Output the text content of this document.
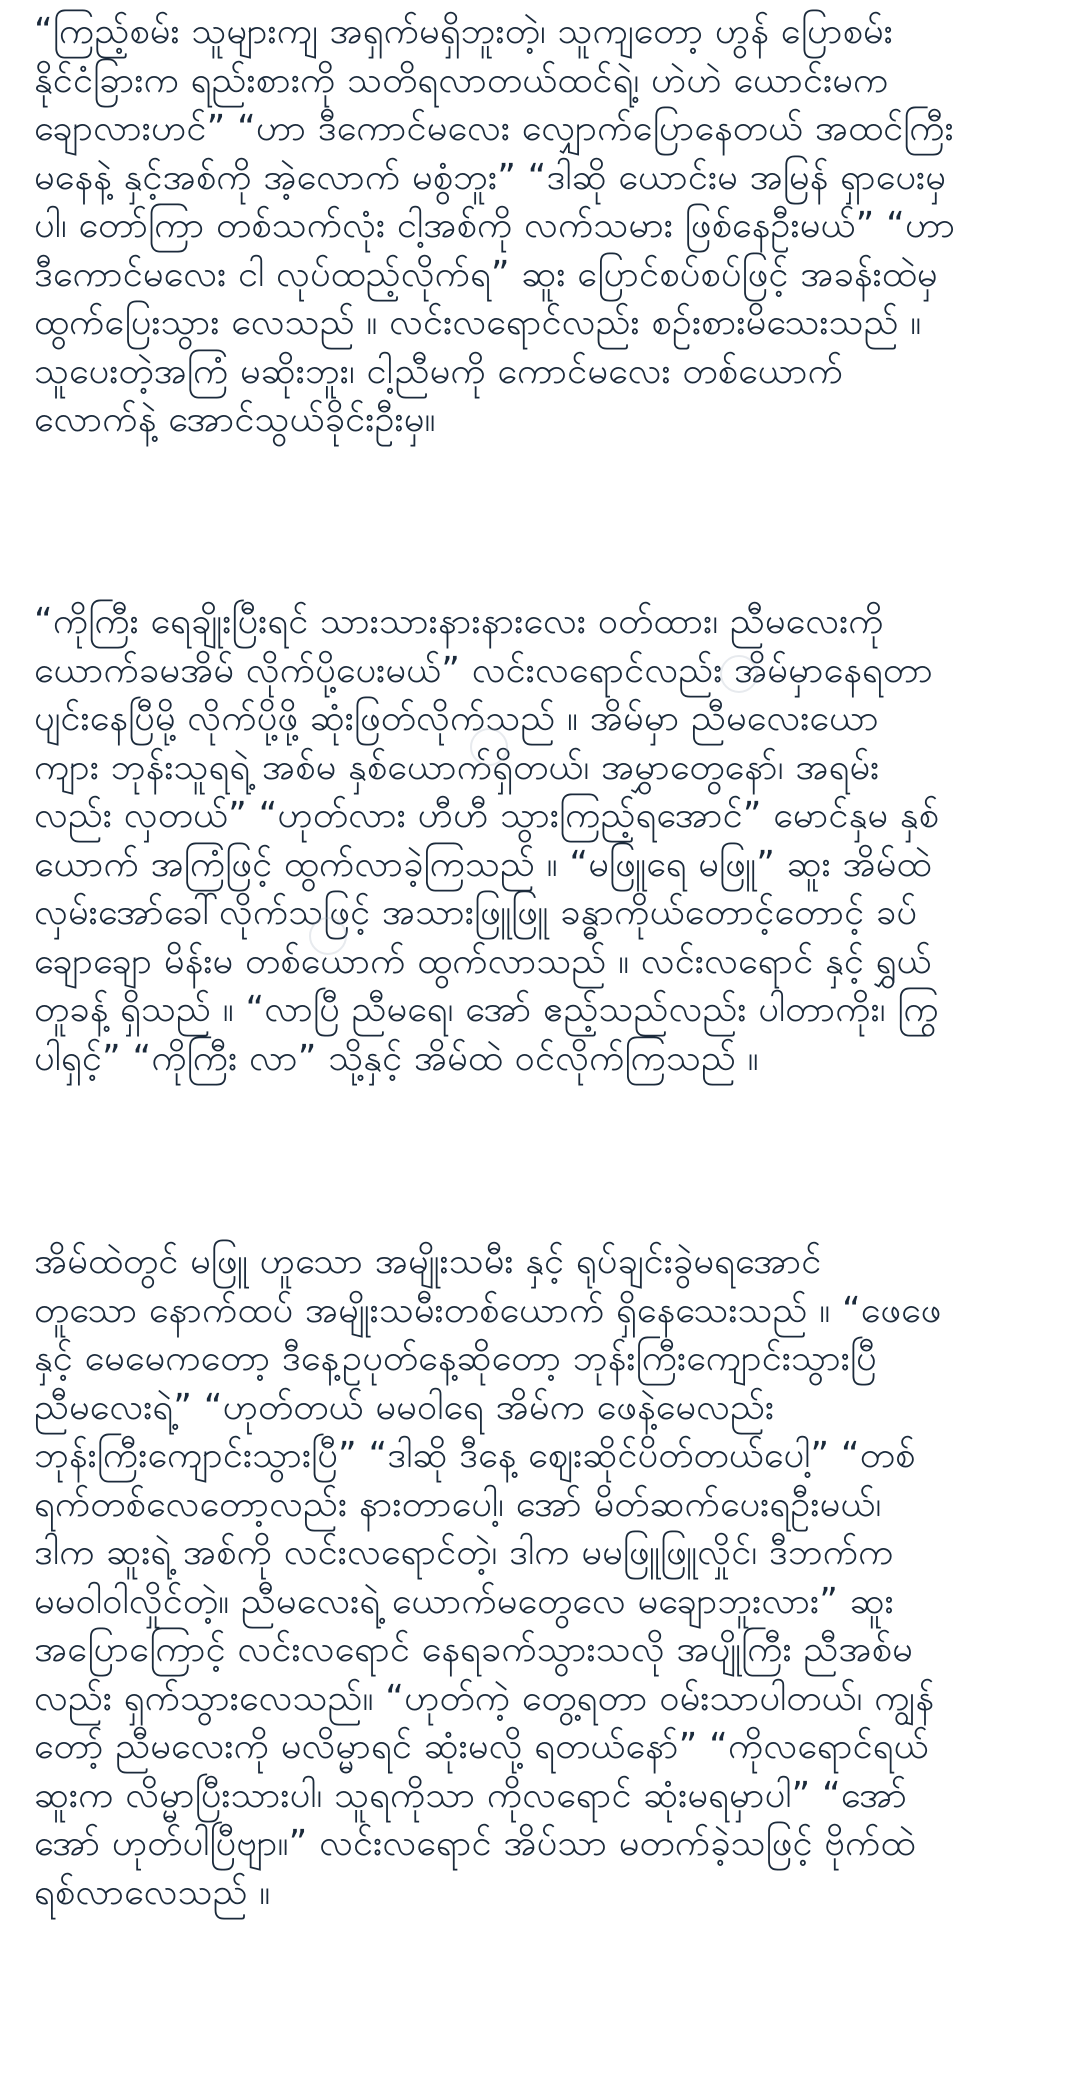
“ကြည့်စမ်း သူများကျ အရှက်မရှိဘူးတဲ့၊ သူကျတော့ ဟွန် ပြောစမ်း
နိုင်ငံခြားက ရည်းစားကို သတိရလာတယ်ထင်ရဲ့၊ ဟဲဟဲ ယောင်းမက
ချောလားဟင်” “ဟာ ဒီကောင်မလေး လျှောက်ပြောနေတယ် အထင်ကြီး
မနေနဲ့ နှင့်အစ်ကို အဲ့လောက် မစွံဘူး” “ဒါဆို ယောင်းမ အမြန် ရှာပေးမှ
ပါ၊ တော်ကြာ တစ်သက်လုံး ငါ့အစ်ကို လက်သမား ဖြစ်နေဦးမယ်” “ဟာ
ဒီကောင်မလေး ငါ လုပ်ထည့်လိုက်ရ” ဆူး ပြောင်စပ်စပ်ဖြင့် အခန်းထဲမှ
ထွက်ပြေးသွား လေသည် ။ လင်းလရောင်လည်း စဉ်းစားမိသေးသည် ။
သူပေးတဲ့အကြံ မဆိုးဘူး၊ ငါ့ညီမကို ကောင်မလေး တစ်ယောက်
လောက်နဲ့ အောင်သွယ်ခိုင်းဦးမှ။
“ကိုကြီး ရေချိုးပြီးရင် သားသားနားနားလေး ဝတ်ထား၊ ညီမလေးကို
ယောက်ခမအိမ် လိုက်ပို့ပေးမယ်” လင်းလရောင်လည်း အိမ်မှာနေရတာ
ပျင်းနေပြီမို့ လိုက်ပို့ဖို့ ဆုံးဖြတ်လိုက်သည် ။ အိမ်မှာ ညီမလေးယော
ကျား ဘုန်းသူရရဲ့ အစ်မ နှစ်ယောက်ရှိတယ်၊ အမွှာတွေနော်၊ အရမ်း
လည်း လှတယ်” “ဟုတ်လား ဟီဟီ သွားကြည့်ရအောင်” မောင်နှမ နှစ်
ယောက် အကြံဖြင့် ထွက်လာခဲ့ကြသည် ။ “မဖြူရေ မဖြူ” ဆူး အိမ်ထဲ
လှမ်းအော်ခေါ်လိုက်သဖြင့် အသားဖြူဖြူ ခန္ဓာကိုယ်တောင့်တောင့် ခပ်
ချောချော မိန်းမ တစ်ယောက် ထွက်လာသည် ။ လင်းလရောင် နှင့် ရွှယ်
တူခန့် ရှိသည် ။ “လာပြီ ညီမရေ၊ အော် ဧည့်သည်လည်း ပါတာကိုး၊ ကြွ
ပါရှင့်” “ကိုကြီး လာ” သို့နှင့် အိမ်ထဲ ဝင်လိုက်ကြသည် ။
အိမ်ထဲတွင် မဖြူ ဟူသော အမျိုးသမီး နှင့် ရုပ်ချင်းခွဲမရအောင်
တူသော နောက်ထပ် အမျိုးသမီးတစ်ယောက် ရှိနေသေးသည် ။ “ဖေဖေ
နှင့် မေမေကတော့ ဒီနေ့ဥပုတ်နေ့ဆိုတော့ ဘုန်းကြီးကျောင်းသွားပြီ
ညီမလေးရဲ့” “ဟုတ်တယ် မမဝါရေ အိမ်က ဖေနဲ့မေလည်း
ဘုန်းကြီးကျောင်းသွားပြီ” “ဒါဆို ဒီနေ့ ဈေးဆိုင်ပိတ်တယ်ပေါ့” “တစ်
ရက်တစ်လေတော့လည်း နားတာပေါ့၊ အော် မိတ်ဆက်ပေးရဦးမယ်၊
ဒါက ဆူးရဲ့ အစ်ကို လင်းလရောင်တဲ့၊ ဒါက မမဖြူဖြူလှိုင်၊ ဒီဘက်က
မမဝါဝါလှိုင်တဲ့။ ညီမလေးရဲ့ ယောက်မတွေလေ မချောဘူးလား” ဆူး
အပြောကြောင့် လင်းလရောင် နေရခက်သွားသလို အပျိုကြီး ညီအစ်မ
လည်း ရှက်သွားလေသည်။ “ဟုတ်ကဲ့ တွေ့ရတာ ဝမ်းသာပါတယ်၊ ကျွန်
တော့် ညီမလေးကို မလိမ္မာရင် ဆုံးမလို့ ရတယ်နော်” “ကိုလရောင်ရယ်
ဆူးက လိမ္မာပြီးသားပါ၊ သူရကိုသာ ကိုလရောင် ဆုံးမရမှာပါ” “အော်
အော် ဟုတ်ပါပြီဗျာ။” လင်းလရောင် အိပ်သာ မတက်ခဲ့သဖြင့် ဗိုက်ထဲ
ရစ်လာလေသည် ။
